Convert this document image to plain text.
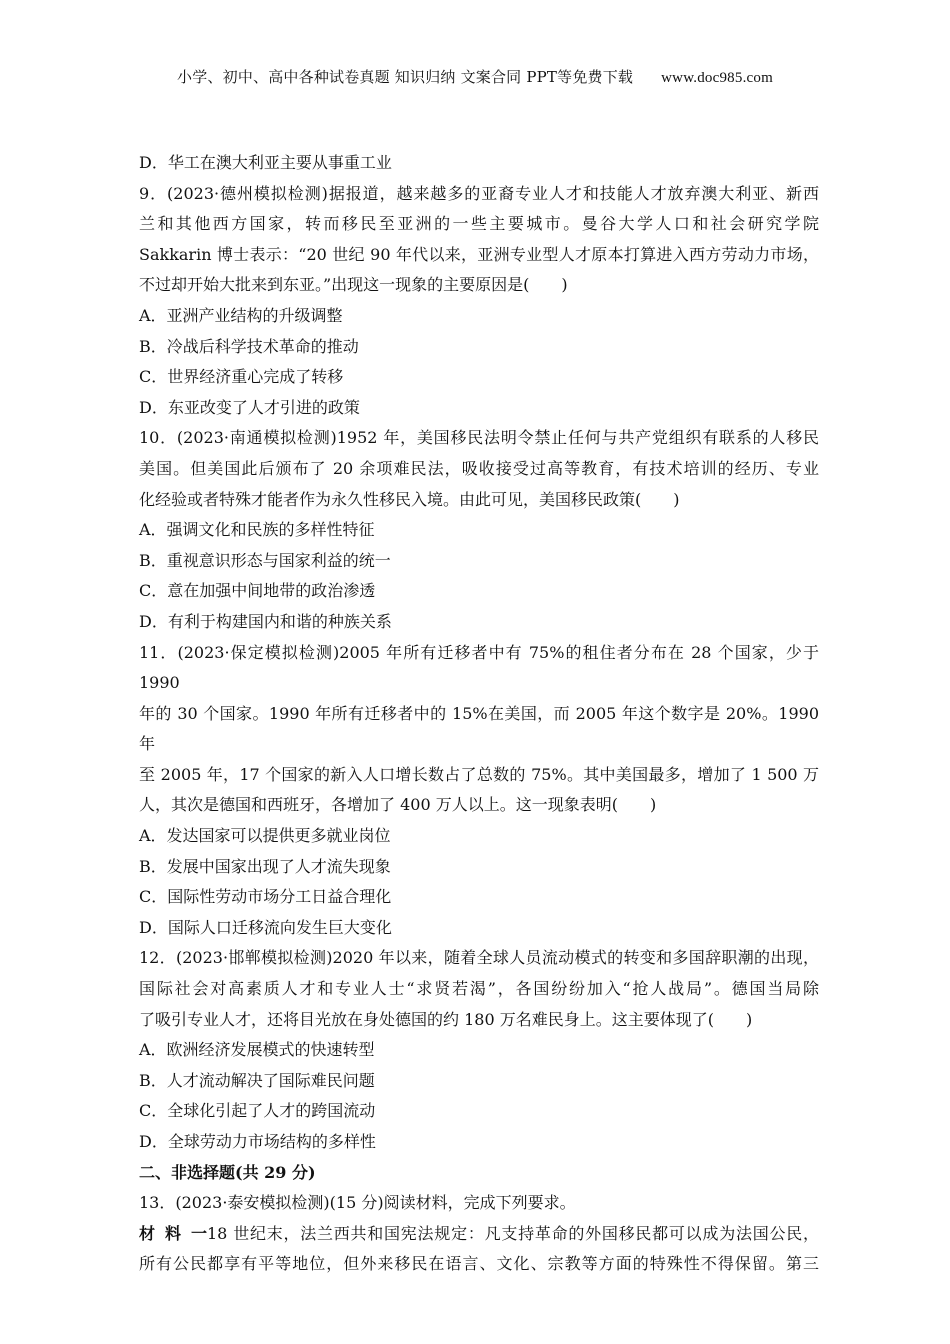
小学、初中、高中各种试卷真题 知识归纳 文案合同 PPT等免费下载 www.doc985.com
D．华工在澳大利亚主要从事重工业
9．(2023·德州模拟检测)据报道，越来越多的亚裔专业人才和技能人才放弃澳大利亚、新西
兰和其他西方国家，转而移民至亚洲的一些主要城市。曼谷大学人口和社会研究学院
Sakkarin 博士表示：“20 世纪 90 年代以来，亚洲专业型人才原本打算进入西方劳动力市场，
不过却开始大批来到东亚。”出现这一现象的主要原因是(　　)
A．亚洲产业结构的升级调整
B．冷战后科学技术革命的推动
C．世界经济重心完成了转移
D．东亚改变了人才引进的政策
10．(2023·南通模拟检测)1952 年，美国移民法明令禁止任何与共产党组织有联系的人移民
美国。但美国此后颁布了 20 余项难民法，吸收接受过高等教育，有技术培训的经历、专业
化经验或者特殊才能者作为永久性移民入境。由此可见，美国移民政策(　　)
A．强调文化和民族的多样性特征
B．重视意识形态与国家利益的统一
C．意在加强中间地带的政治渗透
D．有利于构建国内和谐的种族关系
11．(2023·保定模拟检测)2005 年所有迁移者中有 75%的租住者分布在 28 个国家，少于 1990
年的 30 个国家。1990 年所有迁移者中的 15%在美国，而 2005 年这个数字是 20%。1990 年
至 2005 年，17 个国家的新入人口增长数占了总数的 75%。其中美国最多，增加了 1 500 万
人，其次是德国和西班牙，各增加了 400 万人以上。这一现象表明(　　)
A．发达国家可以提供更多就业岗位
B．发展中国家出现了人才流失现象
C．国际性劳动市场分工日益合理化
D．国际人口迁移流向发生巨大变化
12．(2023·邯郸模拟检测)2020 年以来，随着全球人员流动模式的转变和多国辞职潮的出现，
国际社会对高素质人才和专业人士“求贤若渴”，各国纷纷加入“抢人战局”。德国当局除
了吸引专业人才，还将目光放在身处德国的约 180 万名难民身上。这主要体现了(　　)
A．欧洲经济发展模式的快速转型
B．人才流动解决了国际难民问题
C．全球化引起了人才的跨国流动
D．全球劳动力市场结构的多样性
二、非选择题(共 29 分)
13．(2023·泰安模拟检测)(15 分)阅读材料，完成下列要求。
材料一18 世纪末，法兰西共和国宪法规定：凡支持革命的外国移民都可以成为法国公民，
所有公民都享有平等地位，但外来移民在语言、文化、宗教等方面的特殊性不得保留。第三
